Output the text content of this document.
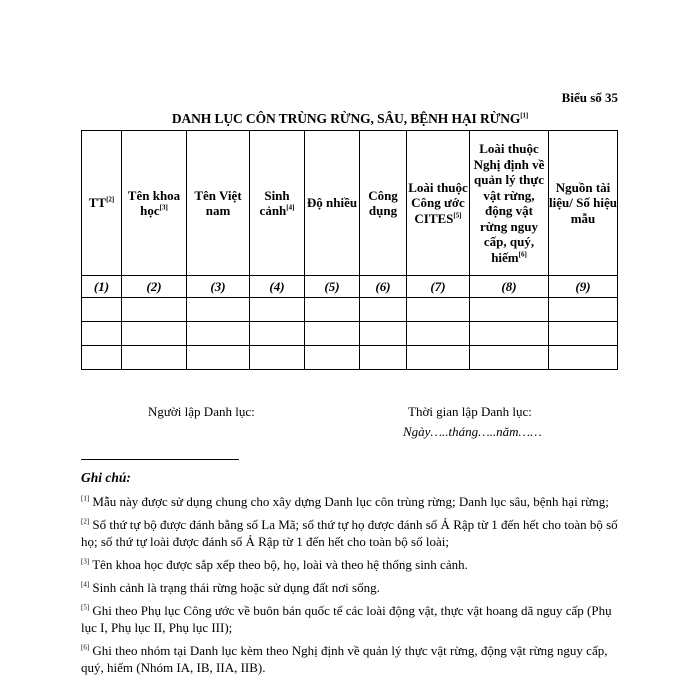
Biểu số 35
DANH LỤC CÔN TRÙNG RỪNG, SÂU, BỆNH HẠI RỪNG[1]
TT[2]	Tên khoa học[3]	Tên Việt nam	Sinh cảnh[4]	Độ nhiều	Công dụng	Loài thuộc Công ước CITES[5]	Loài thuộc Nghị định về quản lý thực vật rừng, động vật rừng nguy cấp, quý, hiếm[6]	Nguồn tài liệu/ Số hiệu mẫu
(1)	(2)	(3)	(4)	(5)	(6)	(7)	(8)	(9)

Người lập Danh lục:	Thời gian lập Danh lục:
Ngày…..tháng…..năm……
Ghi chú:

[1] Mẫu này được sử dụng chung cho xây dựng Danh lục côn trùng rừng; Danh lục sâu, bệnh hại rừng;

[2] Số thứ tự bộ được đánh bằng số La Mã; số thứ tự họ được đánh số Ả Rập từ 1 đến hết cho toàn bộ số họ; số thứ tự loài được đánh số Ả Rập từ 1 đến hết cho toàn bộ số loài;

[3] Tên khoa học được sắp xếp theo bộ, họ, loài và theo hệ thống sinh cảnh.

[4] Sinh cảnh là trạng thái rừng hoặc sử dụng đất nơi sống.

[5] Ghi theo Phụ lục Công ước về buôn bán quốc tế các loài động vật, thực vật hoang dã nguy cấp (Phụ lục I, Phụ lục II, Phụ lục III);

[6] Ghi theo nhóm tại Danh lục kèm theo Nghị định về quản lý thực vật rừng, động vật rừng nguy cấp, quý, hiếm (Nhóm IA, IB, IIA, IIB).
